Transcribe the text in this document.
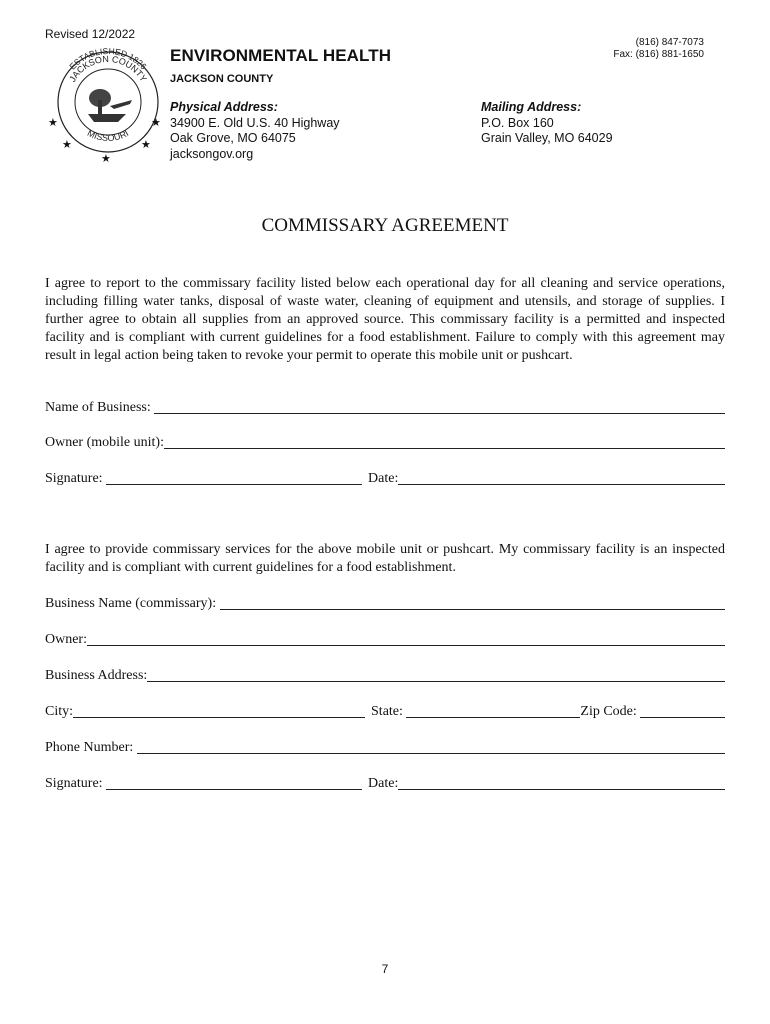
Revised 12/2022
ESTABLISHED 1826
JACKSON COUNTY
MISSOURI
★	★
★	★
★
ENVIRONMENTAL HEALTH
JACKSON COUNTY
(816) 847-7073
Fax: (816) 881-1650
Physical Address:
34900 E. Old U.S. 40 Highway
Oak Grove, MO 64075
jacksongov.org
Mailing Address:
P.O. Box 160
Grain Valley, MO 64029
COMMISSARY AGREEMENT
I agree to report to the commissary facility listed below each operational day for all cleaning and service operations, including filling water tanks, disposal of waste water, cleaning of equipment and utensils, and storage of supplies. I further agree to obtain all supplies from an approved source. This commissary facility is a permitted and inspected facility and is compliant with current guidelines for a food establishment. Failure to comply with this agreement may result in legal action being taken to revoke your permit to operate this mobile unit or pushcart.
Name of Business:
Owner (mobile unit):
Signature:	Date:
I agree to provide commissary services for the above mobile unit or pushcart. My commissary facility is an inspected facility and is compliant with current guidelines for a food establishment.
Business Name (commissary):
Owner:
Business Address:
City:	State:	Zip Code:
Phone Number:
Signature:	Date:
7
